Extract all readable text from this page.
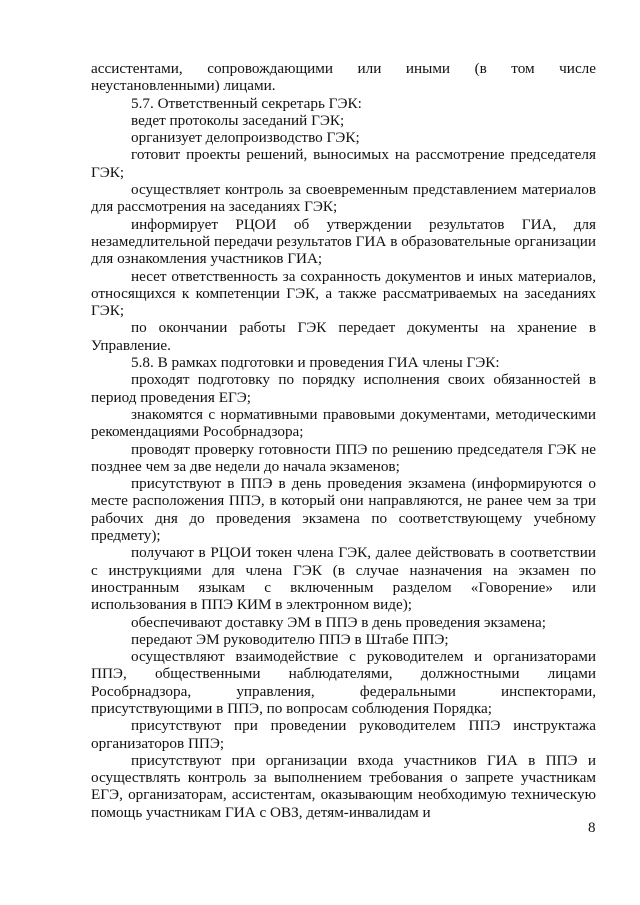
ассистентами, сопровождающими или иными (в том числе неустановленными) лицами.

5.7. Ответственный секретарь ГЭК:

ведет протоколы заседаний ГЭК;

организует делопроизводство ГЭК;

готовит проекты решений, выносимых на рассмотрение председателя ГЭК;

осуществляет контроль за своевременным представлением материалов для рассмотрения на заседаниях ГЭК;

информирует РЦОИ об утверждении результатов ГИА, для незамедлительной передачи результатов ГИА в образовательные организации для ознакомления участников ГИА;

несет ответственность за сохранность документов и иных материалов, относящихся к компетенции ГЭК, а также рассматриваемых на заседаниях ГЭК;

по окончании работы ГЭК передает документы на хранение в Управление.

5.8. В рамках подготовки и проведения ГИА члены ГЭК:

проходят подготовку по порядку исполнения своих обязанностей в период проведения ЕГЭ;

знакомятся с нормативными правовыми документами, методическими рекомендациями Рособрнадзора;

проводят проверку готовности ППЭ по решению председателя ГЭК не позднее чем за две недели до начала экзаменов;

присутствуют в ППЭ в день проведения экзамена (информируются о месте расположения ППЭ, в который они направляются, не ранее чем за три рабочих дня до проведения экзамена по соответствующему учебному предмету);

получают в РЦОИ токен члена ГЭК, далее действовать в соответствии с инструкциями для члена ГЭК (в случае назначения на экзамен по иностранным языкам с включенным разделом «Говорение» или использования в ППЭ КИМ в электронном виде);

обеспечивают доставку ЭМ в ППЭ в день проведения экзамена;

передают ЭМ руководителю ППЭ в Штабе ППЭ;

осуществляют взаимодействие с руководителем и организаторами ППЭ, общественными наблюдателями, должностными лицами Рособрнадзора, управления, федеральными инспекторами, присутствующими в ППЭ, по вопросам соблюдения Порядка;

присутствуют при проведении руководителем ППЭ инструктажа организаторов ППЭ;

присутствуют при организации входа участников ГИА в ППЭ и осуществлять контроль за выполнением требования о запрете участникам ЕГЭ, организаторам, ассистентам, оказывающим необходимую техническую помощь участникам ГИА с ОВЗ, детям-инвалидам и

8
